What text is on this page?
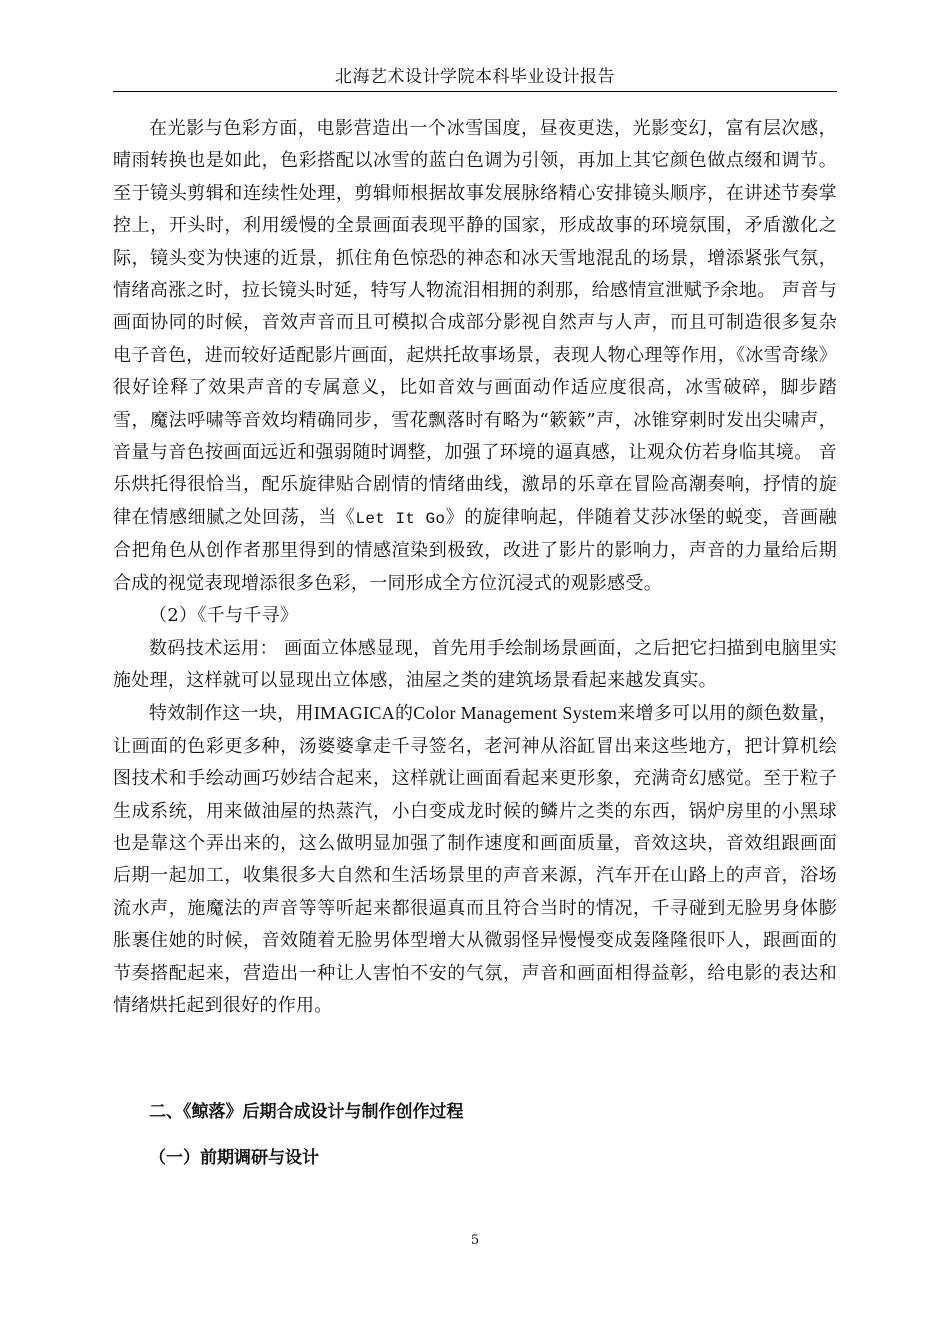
北海艺术设计学院本科毕业设计报告

在光影与色彩方面，电影营造出一个冰雪国度，昼夜更迭，光影变幻，富有层次感，晴雨转换也是如此，色彩搭配以冰雪的蓝白色调为引领，再加上其它颜色做点缀和调节。至于镜头剪辑和连续性处理，剪辑师根据故事发展脉络精心安排镜头顺序，在讲述节奏掌控上，开头时，利用缓慢的全景画面表现平静的国家，形成故事的环境氛围，矛盾激化之际，镜头变为快速的近景，抓住角色惊恐的神态和冰天雪地混乱的场景，增添紧张气氛，情绪高涨之时，拉长镜头时延，特写人物流泪相拥的刹那，给感情宣泄赋予余地。 声音与画面协同的时候，音效声音而且可模拟合成部分影视自然声与人声，而且可制造很多复杂电子音色，进而较好适配影片画面，起烘托故事场景，表现人物心理等作用，《冰雪奇缘》很好诠释了效果声音的专属意义，比如音效与画面动作适应度很高，冰雪破碎，脚步踏雪，魔法呼啸等音效均精确同步，雪花飘落时有略为“簌簌”声，冰锥穿刺时发出尖啸声，音量与音色按画面远近和强弱随时调整，加强了环境的逼真感，让观众仿若身临其境。 音乐烘托得很恰当，配乐旋律贴合剧情的情绪曲线，激昂的乐章在冒险高潮奏响，抒情的旋律在情感细腻之处回荡，当《Let It Go》的旋律响起，伴随着艾莎冰堡的蜕变，音画融合把角色从创作者那里得到的情感渲染到极致，改进了影片的影响力，声音的力量给后期合成的视觉表现增添很多色彩，一同形成全方位沉浸式的观影感受。

（2）《千与千寻》

数码技术运用： 画面立体感显现，首先用手绘制场景画面，之后把它扫描到电脑里实施处理，这样就可以显现出立体感，油屋之类的建筑场景看起来越发真实。

特效制作这一块，用IMAGICA的Color Management System来增多可以用的颜色数量，让画面的色彩更多种，汤婆婆拿走千寻签名，老河神从浴缸冒出来这些地方，把计算机绘图技术和手绘动画巧妙结合起来，这样就让画面看起来更形象，充满奇幻感觉。至于粒子生成系统，用来做油屋的热蒸汽，小白变成龙时候的鳞片之类的东西，锅炉房里的小黑球也是靠这个弄出来的，这么做明显加强了制作速度和画面质量，音效这块，音效组跟画面后期一起加工，收集很多大自然和生活场景里的声音来源，汽车开在山路上的声音，浴场流水声，施魔法的声音等等听起来都很逼真而且符合当时的情况，千寻碰到无脸男身体膨胀裹住她的时候，音效随着无脸男体型增大从微弱怪异慢慢变成轰隆隆很吓人，跟画面的节奏搭配起来，营造出一种让人害怕不安的气氛，声音和画面相得益彰，给电影的表达和情绪烘托起到很好的作用。

二、《鲸落》后期合成设计与制作创作过程
（一）前期调研与设计
5
